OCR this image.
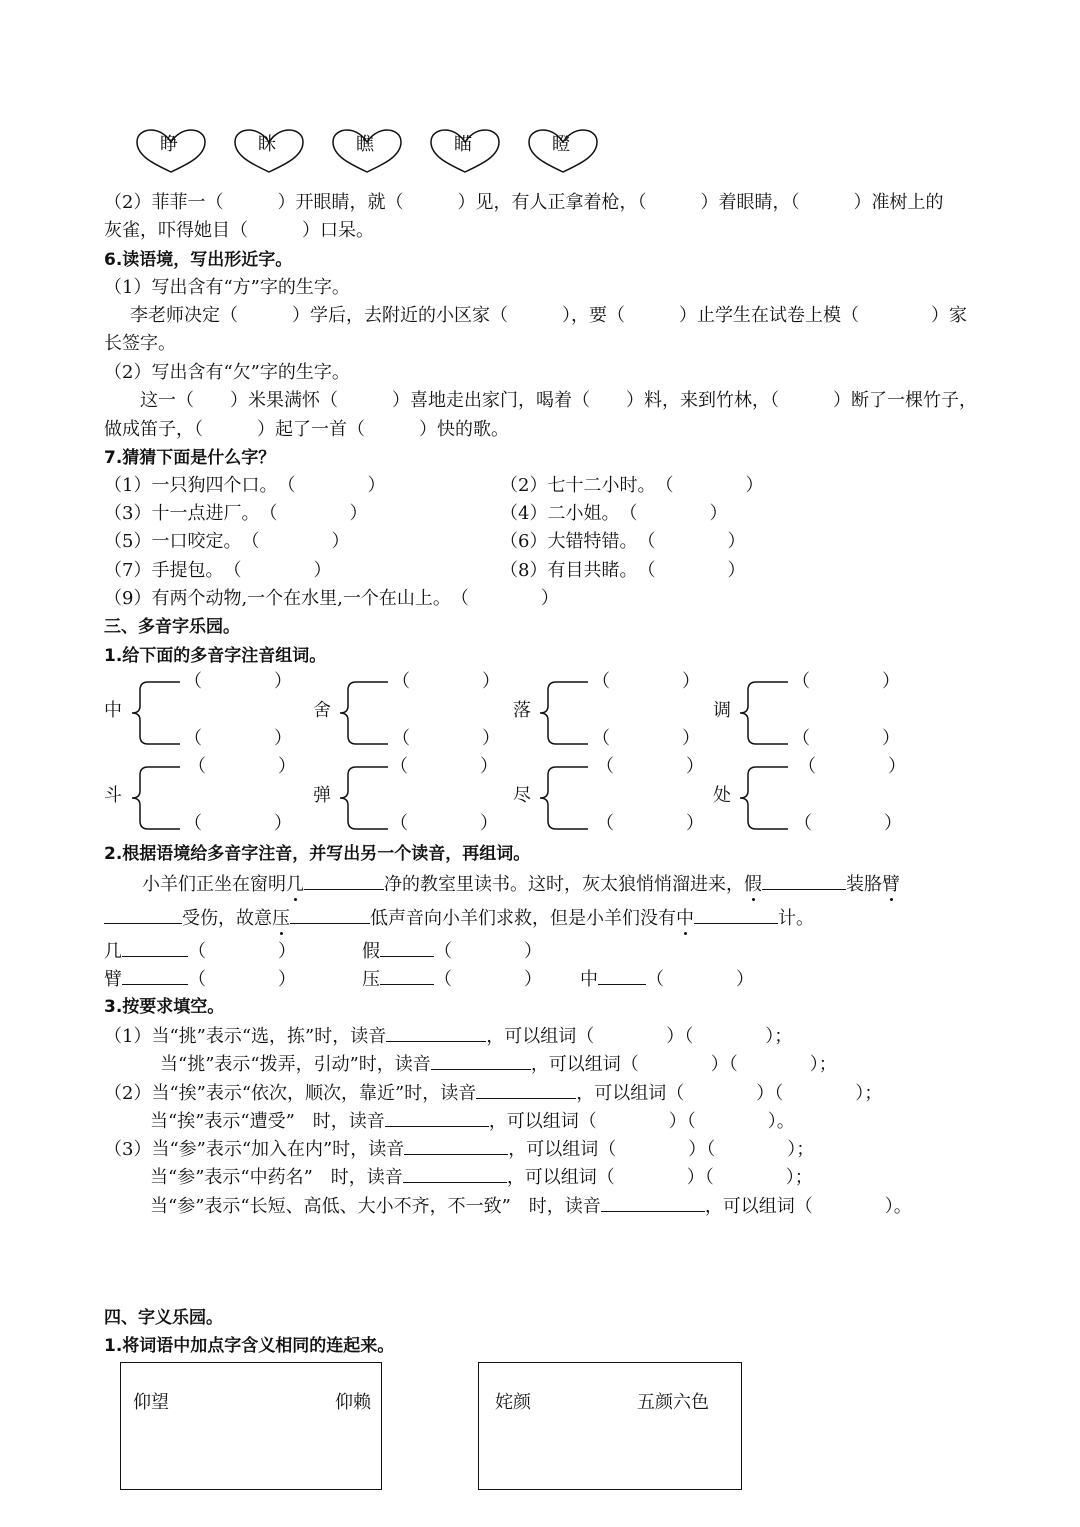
睁	眯	瞧	瞄	瞪
（2）菲菲一（　　　）开眼睛，就（　　　）见，有人正拿着枪，（　　　）着眼睛，（　　　）准树上的
灰雀，吓得她目（　　　）口呆。
6.读语境，写出形近字。
（1）写出含有“方”字的生字。
李老师决定（　　　）学后，去附近的小区家（　　　），要（　　　）止学生在试卷上模（　　　　）家
长签字。
（2）写出含有“欠”字的生字。
这一（　　）米果满怀（　　　）喜地走出家门，喝着（　　）料，来到竹林，（　　　）断了一棵竹子，
做成笛子，（　　　）起了一首（　　　）快的歌。
7.猜猜下面是什么字？
（1）一只狗四个口。　（　　　　）	（2）七十二小时。　（　　　　）
（3）十一点进厂。　（　　　　）	（4）二小姐。　（　　　　）
（5）一口咬定。　（　　　　）	（6）大错特错。　（　　　　）
（7）手提包。　（　　　　）	（8）有目共睹。　（　　　　）
（9）有两个动物,一个在水里,一个在山上。　（　　　　）
三、多音字乐园。
1.给下面的多音字注音组词。
中
（　　　　）
（　　　　）
舍
（　　　　）
（　　　　）
落
（　　　　）
（　　　　）
调
（　　　　）
（　　　　）
斗
（　　　　）
（　　　　）
弹
（　　　　）
（　　　　）
尽
（　　　　）
（　　　　）
处
（　　　　）
（　　　　）
2.根据语境给多音字注音，并写出另一个读音，再组词。
小羊们正坐在窗明几	净的教室里读书。这时，灰太狼悄悄溜进来，假	装胳臂
受伤，故意压	低声音向小羊们求救，但是小羊们没有中	计。
几	（　　　　）	假	（　　　　）
臂	（　　　　）	压	（　　　　） 中	（　　　　）
3.按要求填空。
（1）当“挑”表示“选，拣”时，读音	，可以组词（　　　　）（　　　　）；
当“挑”表示“拨弄，引动”时，读音	，可以组词（　　　　）（　　　　）；
（2）当“挨”表示“依次，顺次，靠近”时，读音	，可以组词（　　　　）（　　　　）；
当“挨”表示“遭受”　时，读音	，可以组词（　　　　）（　　　　）。
（3）当“参”表示“加入在内”时，读音	，可以组词（　　　　）（　　　　）；
当“参”表示“中药名”　时，读音	，可以组词（　　　　）（　　　　）；
当“参”表示“长短、高低、大小不齐，不一致”　时，读音	，可以组词（　　　　）。
四、字义乐园。
1.将词语中加点字含义相同的连起来。
仰望	仰赖	姹颜	五颜六色
